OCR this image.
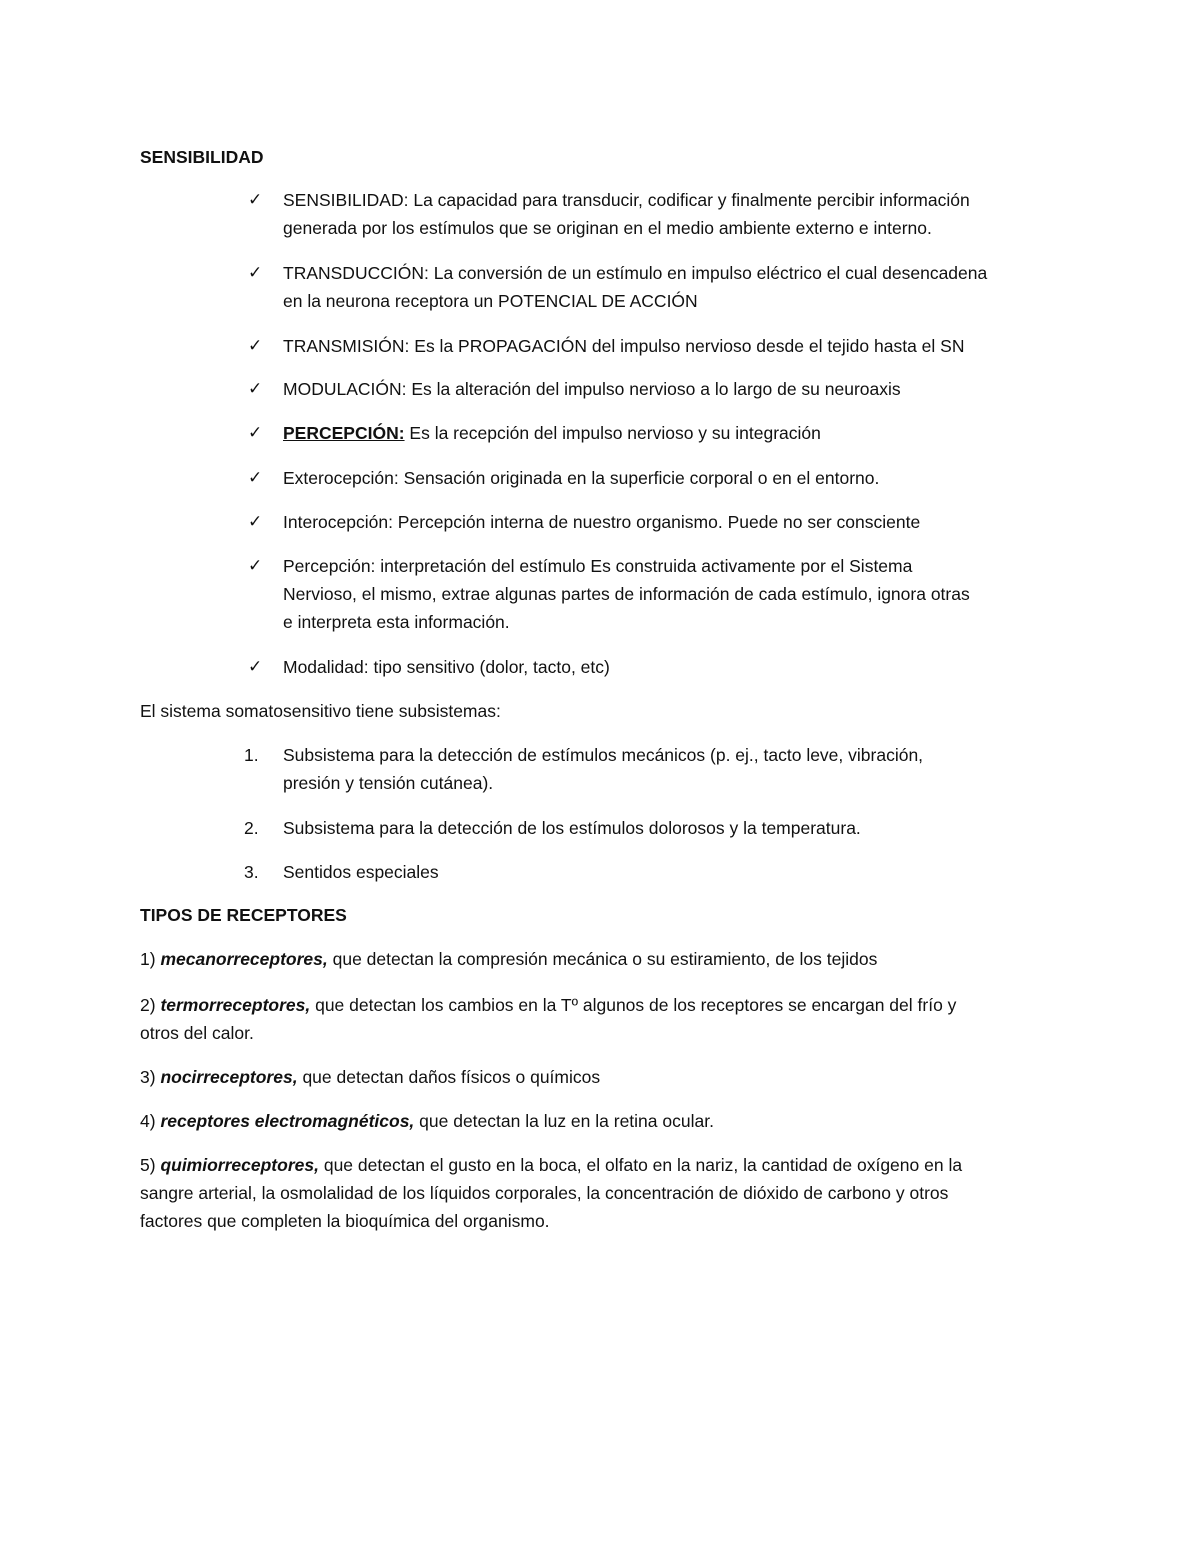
SENSIBILIDAD
✓ SENSIBILIDAD: La capacidad para transducir, codificar y finalmente percibir información
generada por los estímulos que se originan en el medio ambiente externo e interno.
✓ TRANSDUCCIÓN: La conversión de un estímulo en impulso eléctrico el cual desencadena
en la neurona receptora un POTENCIAL DE ACCIÓN
✓ TRANSMISIÓN: Es la PROPAGACIÓN del impulso nervioso desde el tejido hasta el SN
✓ MODULACIÓN: Es la alteración del impulso nervioso a lo largo de su neuroaxis
✓ PERCEPCIÓN: Es la recepción del impulso nervioso y su integración
✓ Exterocepción: Sensación originada en la superficie corporal o en el entorno.
✓ Interocepción: Percepción interna de nuestro organismo. Puede no ser consciente
✓ Percepción: interpretación del estímulo Es construida activamente por el Sistema
Nervioso, el mismo, extrae algunas partes de información de cada estímulo, ignora otras
e interpreta esta información.
✓ Modalidad: tipo sensitivo (dolor, tacto, etc)
El sistema somatosensitivo tiene subsistemas:
1. Subsistema para la detección de estímulos mecánicos (p. ej., tacto leve, vibración,
presión y tensión cutánea).
2. Subsistema para la detección de los estímulos dolorosos y la temperatura.
3. Sentidos especiales
TIPOS DE RECEPTORES
1) mecanorreceptores, que detectan la compresión mecánica o su estiramiento, de los tejidos
2) termorreceptores, que detectan los cambios en la Tº algunos de los receptores se encargan del frío y
otros del calor.
3) nocirreceptores, que detectan daños físicos o químicos
4) receptores electromagnéticos, que detectan la luz en la retina ocular.
5) quimiorreceptores, que detectan el gusto en la boca, el olfato en la nariz, la cantidad de oxígeno en la
sangre arterial, la osmolalidad de los líquidos corporales, la concentración de dióxido de carbono y otros
factores que completen la bioquímica del organismo.
